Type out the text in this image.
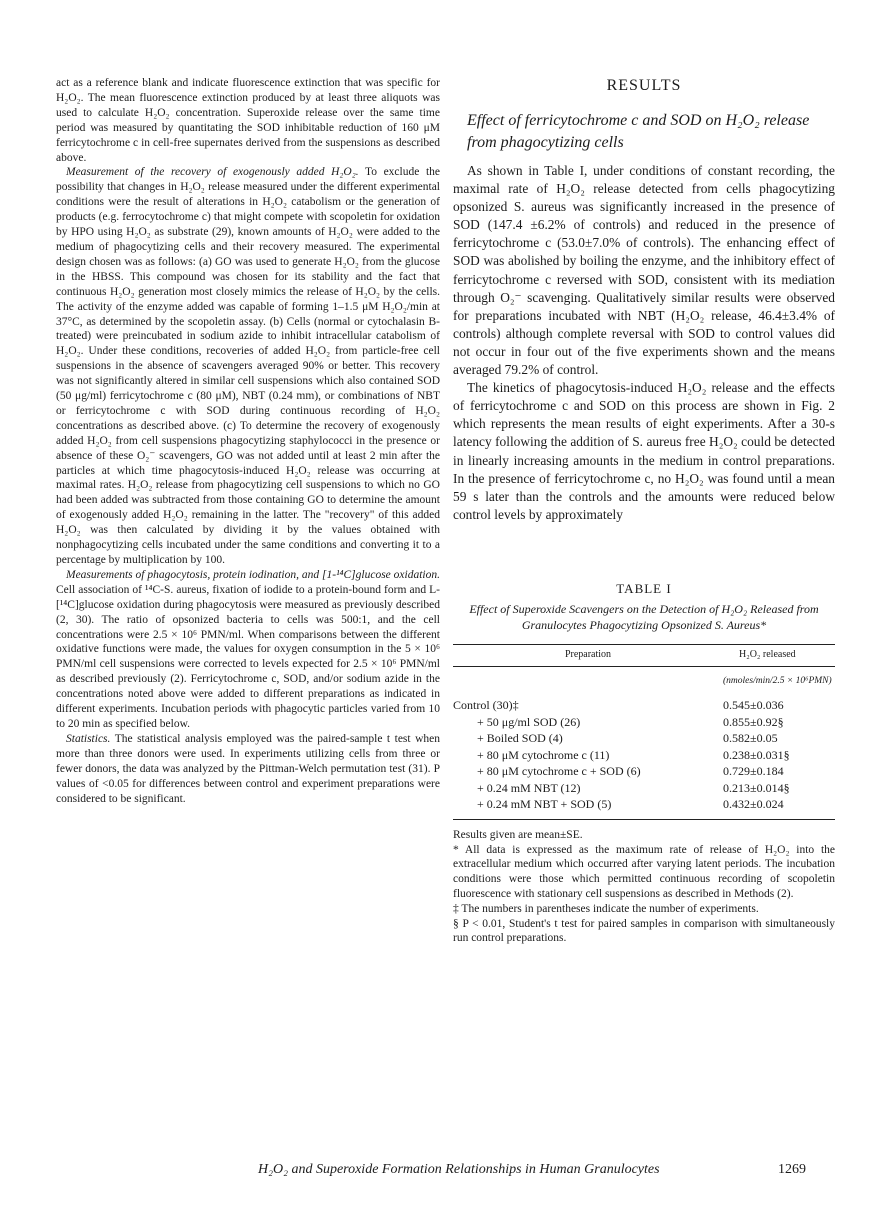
act as a reference blank and indicate fluorescence extinction that was specific for H₂O₂. The mean fluorescence extinction produced by at least three aliquots was used to calculate H₂O₂ concentration. Superoxide release over the same time period was measured by quantitating the SOD inhibitable reduction of 160 μM ferricytochrome c in cell-free supernates derived from the suspensions as described above.

Measurement of the recovery of exogenously added H₂O₂. To exclude the possibility that changes in H₂O₂ release measured under the different experimental conditions were the result of alterations in H₂O₂ catabolism or the generation of products (e.g. ferrocytochrome c) that might compete with scopoletin for oxidation by HPO using H₂O₂ as substrate (29), known amounts of H₂O₂ were added to the medium of phagocytizing cells and their recovery measured. The experimental design chosen was as follows: (a) GO was used to generate H₂O₂ from the glucose in the HBSS. This compound was chosen for its stability and the fact that continuous H₂O₂ generation most closely mimics the release of H₂O₂ by the cells. The activity of the enzyme added was capable of forming 1–1.5 μM H₂O₂/min at 37°C, as determined by the scopoletin assay. (b) Cells (normal or cytochalasin B-treated) were preincubated in sodium azide to inhibit intracellular catabolism of H₂O₂. Under these conditions, recoveries of added H₂O₂ from particle-free cell suspensions in the absence of scavengers averaged 90% or better. This recovery was not significantly altered in similar cell suspensions which also contained SOD (50 μg/ml) ferricytochrome c (80 μM), NBT (0.24 mm), or combinations of NBT or ferricytochrome c with SOD during continuous recording of H₂O₂ concentrations as described above. (c) To determine the recovery of exogenously added H₂O₂ from cell suspensions phagocytizing staphylococci in the presence or absence of these O₂⁻ scavengers, GO was not added until at least 2 min after the particles at which time phagocytosis-induced H₂O₂ release was occurring at maximal rates. H₂O₂ release from phagocytizing cell suspensions to which no GO had been added was subtracted from those containing GO to determine the amount of exogenously added H₂O₂ remaining in the latter. The "recovery" of this added H₂O₂ was then calculated by dividing it by the values obtained with nonphagocytizing cells incubated under the same conditions and converting it to a percentage by multiplication by 100.

Measurements of phagocytosis, protein iodination, and [1-¹⁴C]glucose oxidation. Cell association of ¹⁴C-S. aureus, fixation of iodide to a protein-bound form and L-[¹⁴C]glucose oxidation during phagocytosis were measured as previously described (2, 30). The ratio of opsonized bacteria to cells was 500:1, and the cell concentrations were 2.5 × 10⁶ PMN/ml. When comparisons between the different oxidative functions were made, the values for oxygen consumption in the 5 × 10⁶ PMN/ml cell suspensions were corrected to levels expected for 2.5 × 10⁶ PMN/ml as described previously (2). Ferricytochrome c, SOD, and/or sodium azide in the concentrations noted above were added to different preparations as indicated in different experiments. Incubation periods with phagocytic particles varied from 10 to 20 min as specified below.

Statistics. The statistical analysis employed was the paired-sample t test when more than three donors were used. In experiments utilizing cells from three or fewer donors, the data was analyzed by the Pittman-Welch permutation test (31). P values of <0.05 for differences between control and experiment preparations were considered to be significant.

RESULTS
Effect of ferricytochrome c and SOD on H₂O₂ release from phagocytizing cells

As shown in Table I, under conditions of constant recording, the maximal rate of H₂O₂ release detected from cells phagocytizing opsonized S. aureus was significantly increased in the presence of SOD (147.4 ±6.2% of controls) and reduced in the presence of ferricytochrome c (53.0±7.0% of controls). The enhancing effect of SOD was abolished by boiling the enzyme, and the inhibitory effect of ferricytochrome c reversed with SOD, consistent with its mediation through O₂⁻ scavenging. Qualitatively similar results were observed for preparations incubated with NBT (H₂O₂ release, 46.4±3.4% of controls) although complete reversal with SOD to control values did not occur in four out of the five experiments shown and the means averaged 79.2% of control.

The kinetics of phagocytosis-induced H₂O₂ release and the effects of ferricytochrome c and SOD on this process are shown in Fig. 2 which represents the mean results of eight experiments. After a 30-s latency following the addition of S. aureus free H₂O₂ could be detected in linearly increasing amounts in the medium in control preparations. In the presence of ferricytochrome c, no H₂O₂ was found until a mean 59 s later than the controls and the amounts were reduced below control levels by approximately

TABLE I
Effect of Superoxide Scavengers on the Detection of H₂O₂ Released from Granulocytes Phagocytizing Opsonized S. Aureus*
Preparation	H₂O₂ released
	(nmoles/min/2.5 × 10⁶PMN)
Control (30)‡	0.545±0.036
+ 50 μg/ml SOD (26)	0.855±0.92§
+ Boiled SOD (4)	0.582±0.05
+ 80 μM cytochrome c (11)	0.238±0.031§
+ 80 μM cytochrome c + SOD (6)	0.729±0.184
+ 0.24 mM NBT (12)	0.213±0.014§
+ 0.24 mM NBT + SOD (5)	0.432±0.024

Results given are mean±SE.

* All data is expressed as the maximum rate of release of H₂O₂ into the extracellular medium which occurred after varying latent periods. The incubation conditions were those which permitted continuous recording of scopoletin fluorescence with stationary cell suspensions as described in Methods (2).

‡ The numbers in parentheses indicate the number of experiments.

§ P < 0.01, Student's t test for paired samples in comparison with simultaneously run control preparations.

H₂O₂ and Superoxide Formation Relationships in Human Granulocytes	1269
